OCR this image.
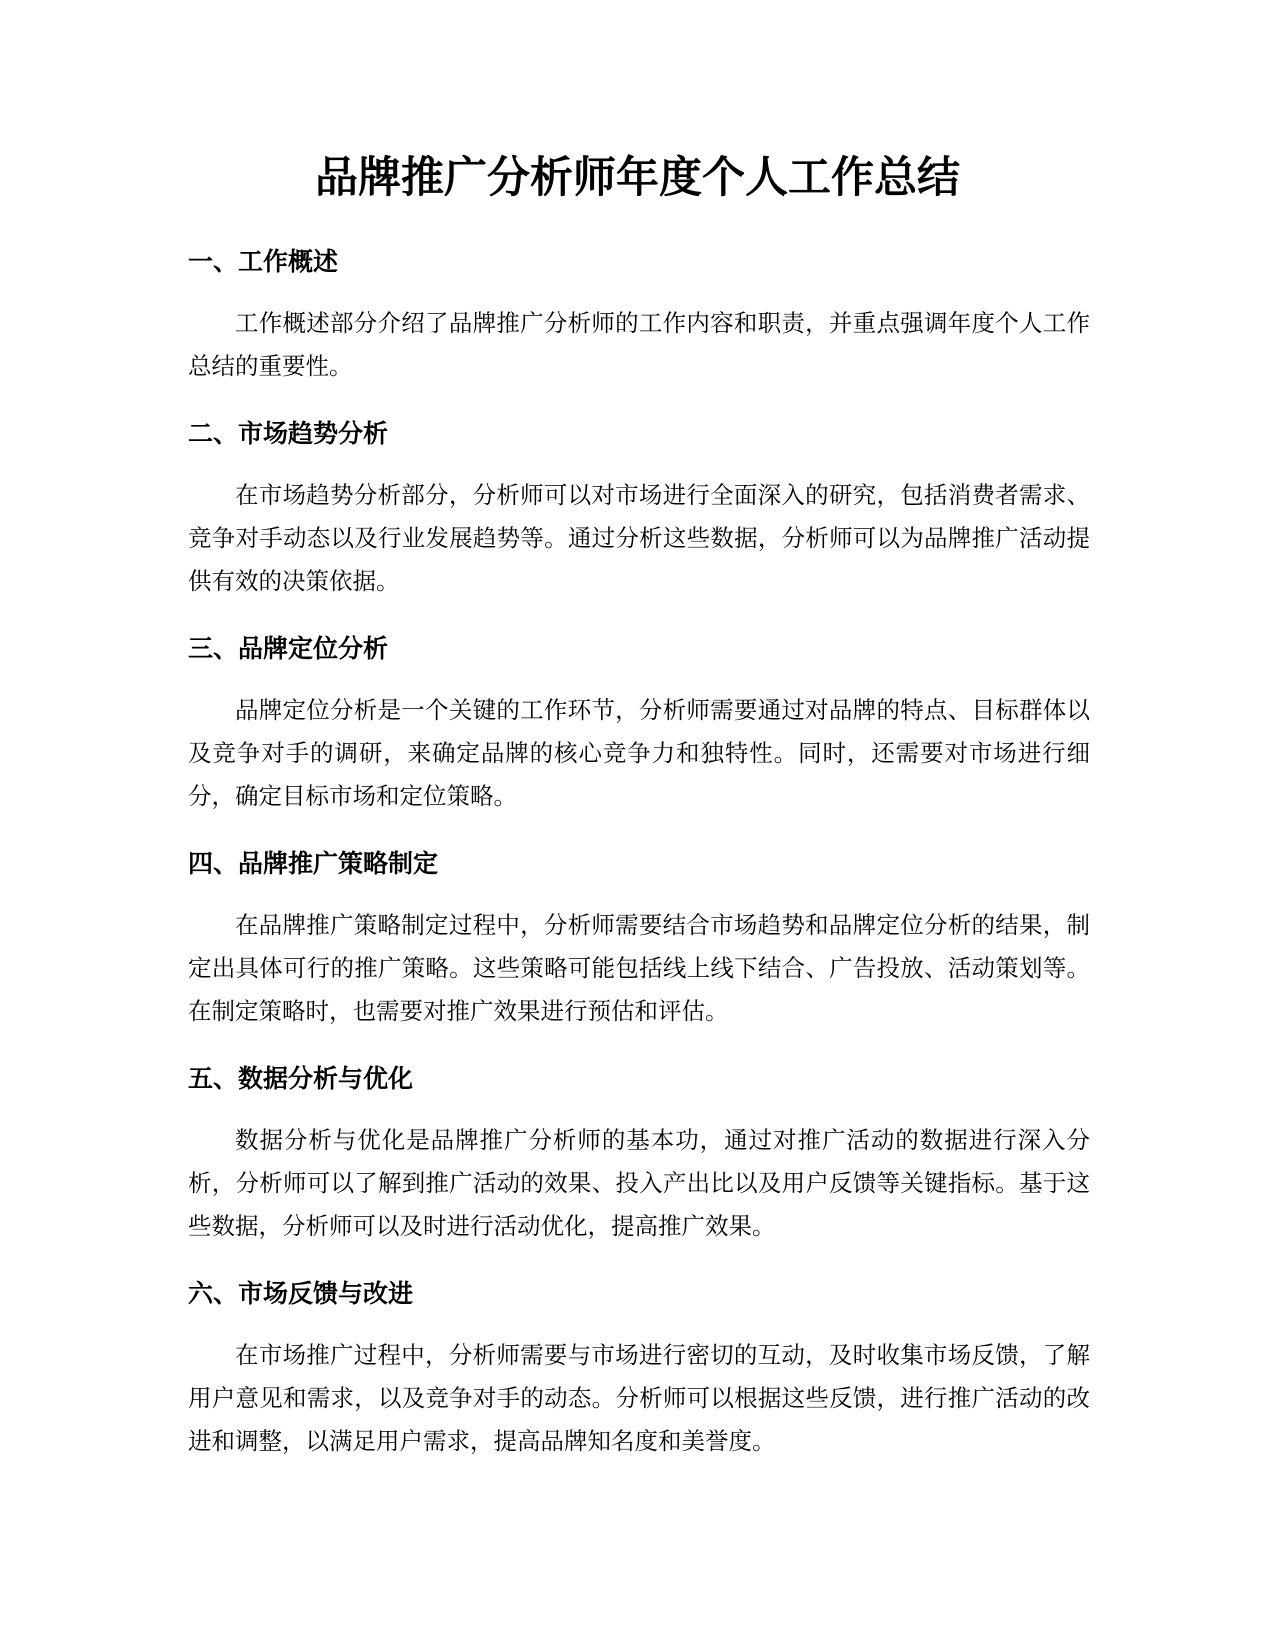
品牌推广分析师年度个人工作总结
一、工作概述

工作概述部分介绍了品牌推广分析师的工作内容和职责，并重点强调年度个人工作总结的重要性。

二、市场趋势分析

在市场趋势分析部分，分析师可以对市场进行全面深入的研究，包括消费者需求、竞争对手动态以及行业发展趋势等。通过分析这些数据，分析师可以为品牌推广活动提供有效的决策依据。

三、品牌定位分析

品牌定位分析是一个关键的工作环节，分析师需要通过对品牌的特点、目标群体以及竞争对手的调研，来确定品牌的核心竞争力和独特性。同时，还需要对市场进行细分，确定目标市场和定位策略。

四、品牌推广策略制定

在品牌推广策略制定过程中，分析师需要结合市场趋势和品牌定位分析的结果，制定出具体可行的推广策略。这些策略可能包括线上线下结合、广告投放、活动策划等。在制定策略时，也需要对推广效果进行预估和评估。

五、数据分析与优化

数据分析与优化是品牌推广分析师的基本功，通过对推广活动的数据进行深入分析，分析师可以了解到推广活动的效果、投入产出比以及用户反馈等关键指标。基于这些数据，分析师可以及时进行活动优化，提高推广效果。

六、市场反馈与改进

在市场推广过程中，分析师需要与市场进行密切的互动，及时收集市场反馈，了解用户意见和需求，以及竞争对手的动态。分析师可以根据这些反馈，进行推广活动的改进和调整，以满足用户需求，提高品牌知名度和美誉度。
